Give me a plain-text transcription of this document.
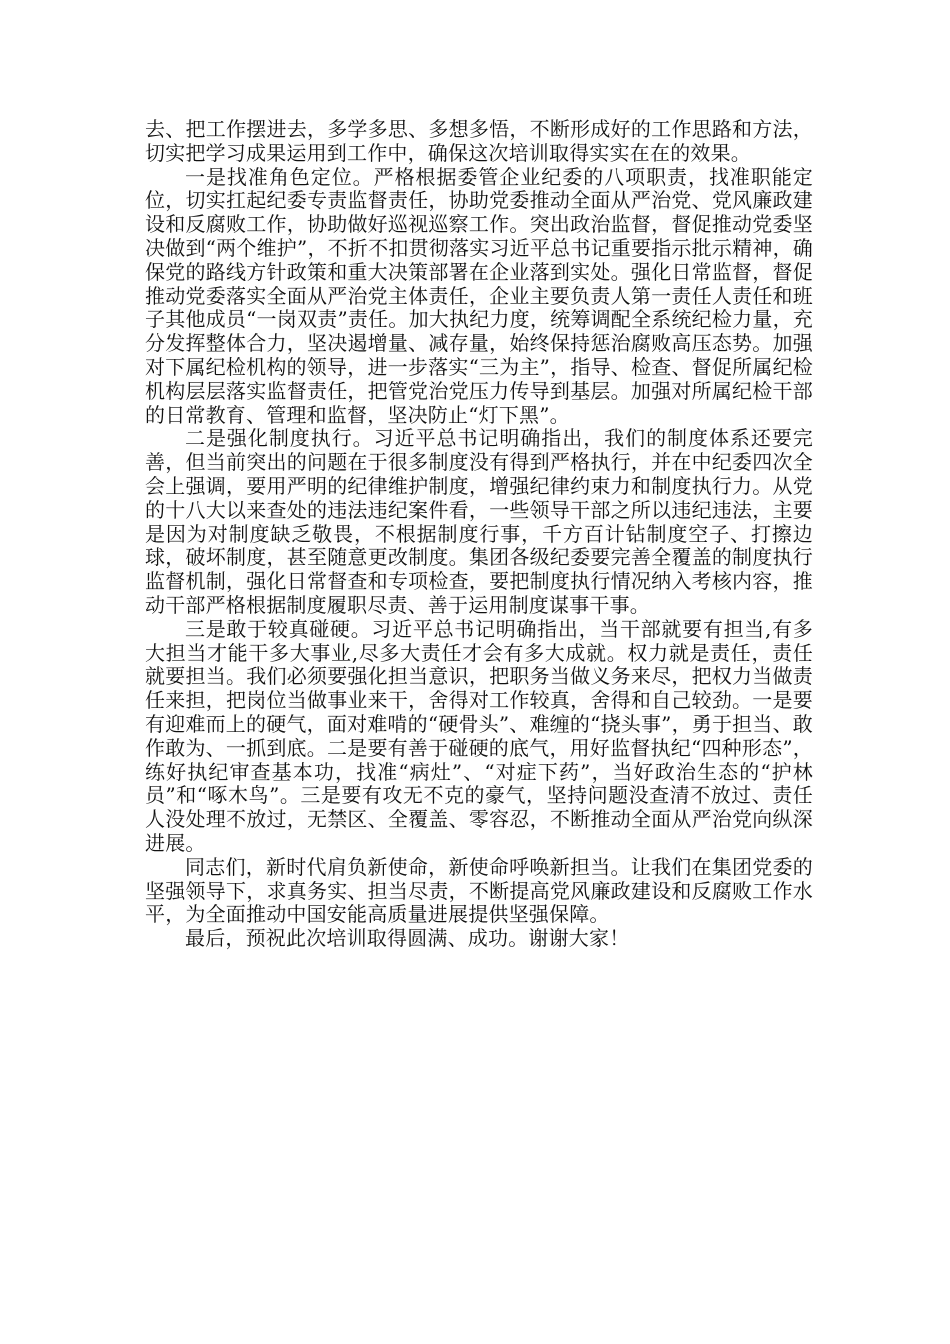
去、把工作摆进去，多学多思、多想多悟，不断形成好的工作思路和方法，切实把学习成果运用到工作中，确保这次培训取得实实在在的效果。

一是找准角色定位。严格根据委管企业纪委的八项职责，找准职能定位，切实扛起纪委专责监督责任，协助党委推动全面从严治党、党风廉政建设和反腐败工作，协助做好巡视巡察工作。突出政治监督，督促推动党委坚决做到“两个维护”，不折不扣贯彻落实习近平总书记重要指示批示精神，确保党的路线方针政策和重大决策部署在企业落到实处。强化日常监督，督促推动党委落实全面从严治党主体责任，企业主要负责人第一责任人责任和班子其他成员“一岗双责”责任。加大执纪力度，统筹调配全系统纪检力量，充分发挥整体合力，坚决遏增量、减存量，始终保持惩治腐败高压态势。加强对下属纪检机构的领导，进一步落实“三为主”，指导、检查、督促所属纪检机构层层落实监督责任，把管党治党压力传导到基层。加强对所属纪检干部的日常教育、管理和监督，坚决防止“灯下黑”。

二是强化制度执行。习近平总书记明确指出，我们的制度体系还要完善，但当前突出的问题在于很多制度没有得到严格执行，并在中纪委四次全会上强调，要用严明的纪律维护制度，增强纪律约束力和制度执行力。从党的十八大以来查处的违法违纪案件看，一些领导干部之所以违纪违法，主要是因为对制度缺乏敬畏，不根据制度行事，千方百计钻制度空子、打擦边球，破坏制度，甚至随意更改制度。集团各级纪委要完善全覆盖的制度执行监督机制，强化日常督查和专项检查，要把制度执行情况纳入考核内容，推动干部严格根据制度履职尽责、善于运用制度谋事干事。

三是敢于较真碰硬。习近平总书记明确指出，当干部就要有担当,有多大担当才能干多大事业,尽多大责任才会有多大成就。权力就是责任，责任就要担当。我们必须要强化担当意识，把职务当做义务来尽，把权力当做责任来担，把岗位当做事业来干，舍得对工作较真，舍得和自己较劲。一是要有迎难而上的硬气，面对难啃的“硬骨头”、难缠的“挠头事”，勇于担当、敢作敢为、一抓到底。二是要有善于碰硬的底气，用好监督执纪“四种形态”，练好执纪审查基本功，找准“病灶”、“对症下药”，当好政治生态的“护林员”和“啄木鸟”。三是要有攻无不克的豪气，坚持问题没查清不放过、责任人没处理不放过，无禁区、全覆盖、零容忍，不断推动全面从严治党向纵深进展。

同志们，新时代肩负新使命，新使命呼唤新担当。让我们在集团党委的坚强领导下，求真务实、担当尽责，不断提高党风廉政建设和反腐败工作水平，为全面推动中国安能高质量进展提供坚强保障。

最后，预祝此次培训取得圆满、成功。谢谢大家！
